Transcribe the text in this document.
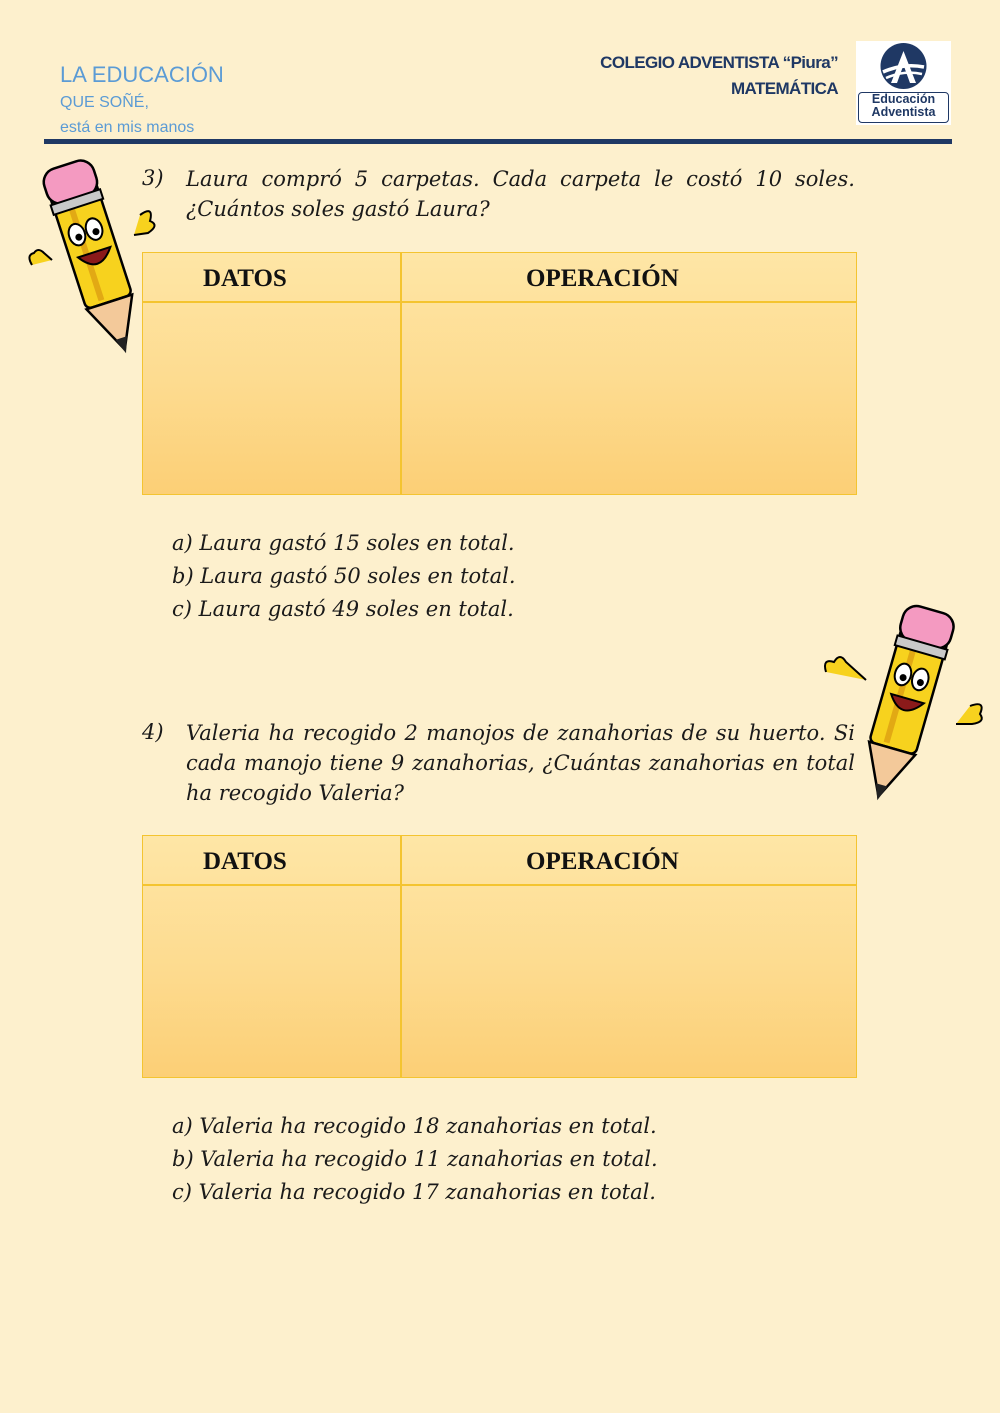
LA EDUCACIÓN
QUE SOÑÉ,
está en mis manos
COLEGIO ADVENTISTA “Piura”
MATEMÁTICA
Educación
Adventista
3) Laura compró 5 carpetas. Cada carpeta le costó 10 soles. ¿Cuántos soles gastó Laura?
DATOS	OPERACIÓN
a) Laura gastó 15 soles en total.
b) Laura gastó 50 soles en total.
c) Laura gastó 49 soles en total.
4) Valeria ha recogido 2 manojos de zanahorias de su huerto. Si cada manojo tiene 9 zanahorias, ¿Cuántas zanahorias en total ha recogido Valeria?
DATOS	OPERACIÓN
a) Valeria ha recogido 18 zanahorias en total.
b) Valeria ha recogido 11 zanahorias en total.
c) Valeria ha recogido 17 zanahorias en total.
